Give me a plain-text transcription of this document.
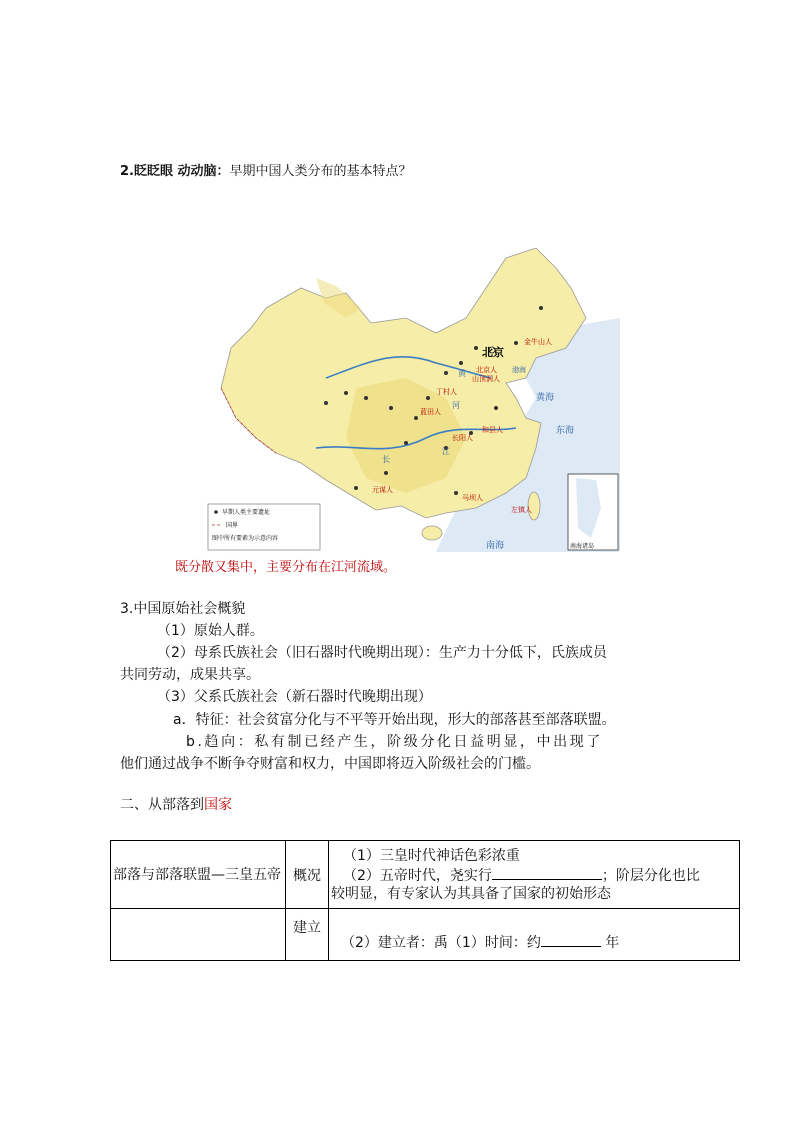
2.眨眨眼 动动脑：早期中国人类分布的基本特点？
北京
金牛山人
北京人
山顶洞人
丁村人
蓝田人
长阳人
和县人
元谋人
马坝人
左镇人
黄海
东海
南海
渤海
南海诸岛
黄
河
长
江
早期人类主要遗址
国界
图中所有要素为示意内容
既分散又集中，主要分布在江河流域。
3.中国原始社会概貌
（1）原始人群。
（2）母系氏族社会（旧石器时代晚期出现）：生产力十分低下，氏族成员
共同劳动，成果共享。
（3）父系氏族社会（新石器时代晚期出现）
a．特征：社会贫富分化与不平等开始出现，形大的部落甚至部落联盟。
b.趋向：私有制已经产生，阶级分化日益明显，中出现了
他们通过战争不断争夺财富和权力，中国即将迈入阶级社会的门槛。
二、从部落到国家
部落与部落联盟—三皇五帝	概况	（1）三皇时代神话色彩浓重
（2）五帝时代，尧实行 ；阶层分化也比
较明显，有专家认为其具备了国家的初始形态

	建立	（2）建立者：禹（1）时间：约 年
